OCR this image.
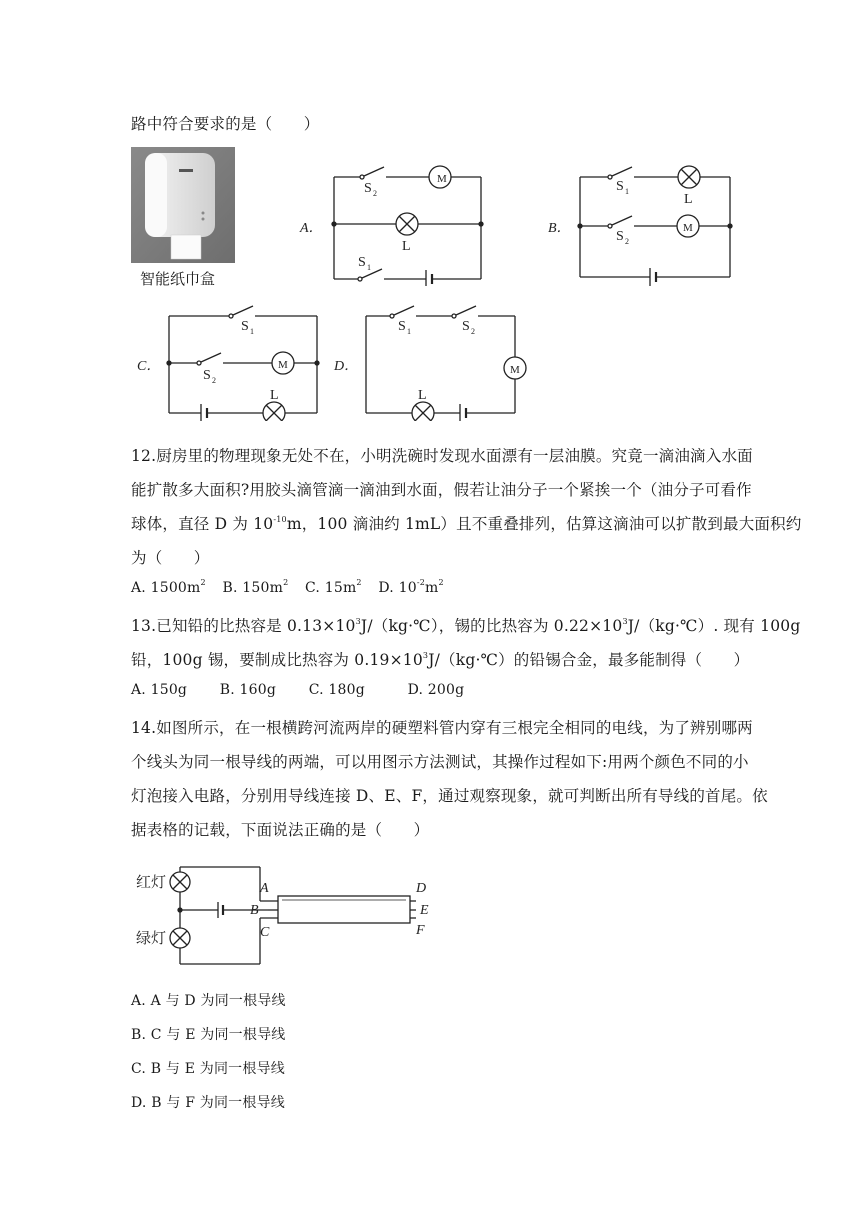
路中符合要求的是（　　）
智能纸巾盒
A．
M
S 2
L
S 1
B．
S 1
L
S 2
M
C．
S 1
S 2
M
L
D．
S 1	S 2
M
L
12.厨房里的物理现象无处不在，小明洗碗时发现水面漂有一层油膜。究竟一滴油滴入水面
能扩散多大面积?用胶头滴管滴一滴油到水面，假若让油分子一个紧挨一个（油分子可看作
球体，直径 D 为 $10^{-10}m$，100 滴油约 1mL）且不重叠排列，估算这滴油可以扩散到最大面积约
为（　　）
A. $1500m^2$ B. $150m^2$ C. $15m^2$ D. $10^{-2}m^2$
13.已知铅的比热容是 $0.13\times 10^3J/(kg\cdot℃)$，锡的比热容为 $0.22\times 10^3J/(kg\cdot℃)$. 现有 100g
铅，100g 锡，要制成比热容为 $0.19\times 10^3J/(kg\cdot℃)$的铅锡合金，最多能制得（　　）
A. 150g B. 160g C. 180g	D. 200g
14.如图所示，在一根横跨河流两岸的硬塑料管内穿有三根完全相同的电线，为了辨别哪两
个线头为同一根导线的两端，可以用图示方法测试，其操作过程如下:用两个颜色不同的小
灯泡接入电路，分别用导线连接 D、E、F，通过观察现象，就可判断出所有导线的首尾。依
据表格的记载，下面说法正确的是（　　）
红灯
绿灯
A
B
C
D
E
F
A. A 与 D 为同一根导线
B. C 与 E 为同一根导线
C. B 与 E 为同一根导线
D. B 与 F 为同一根导线
